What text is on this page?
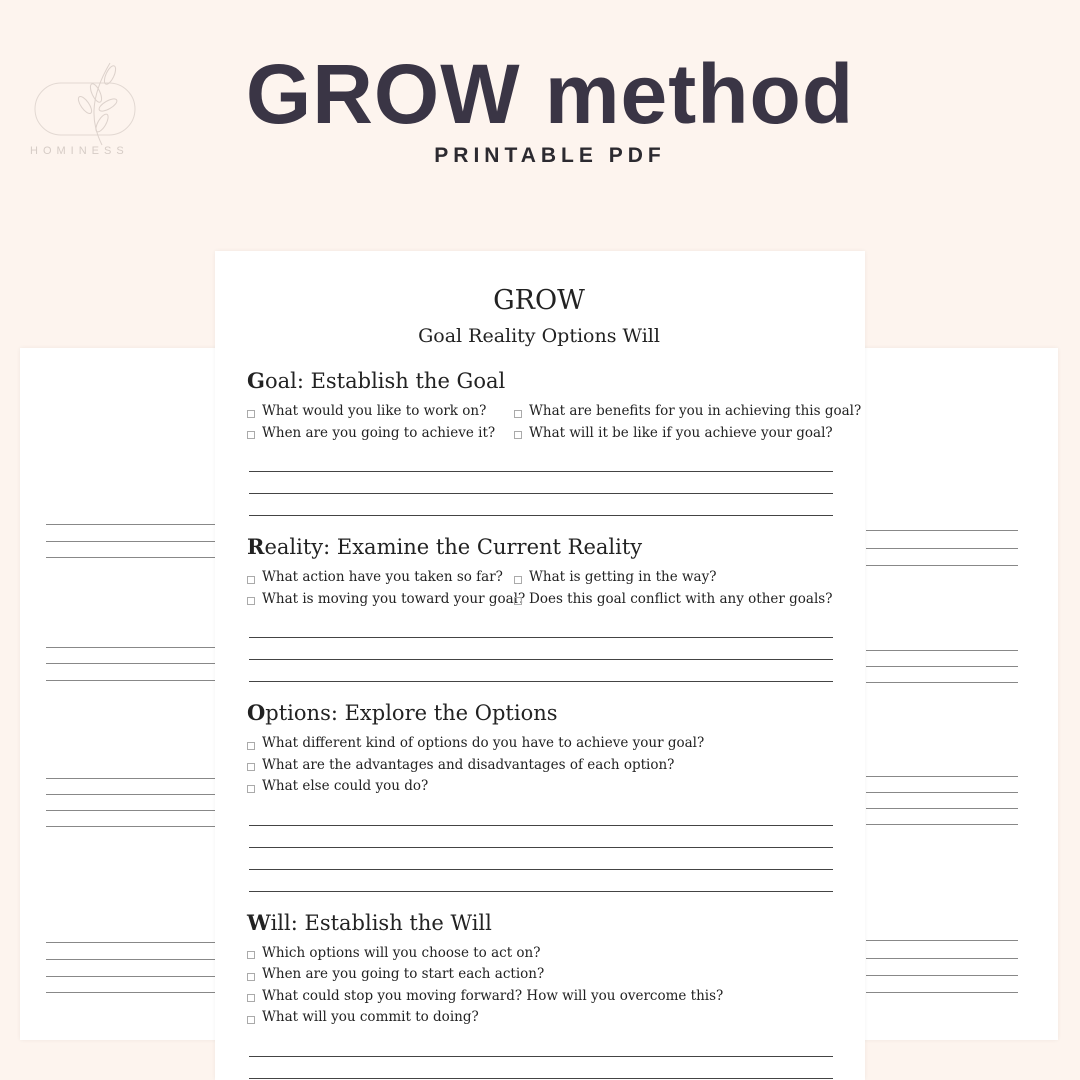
HOMINESS
GROW method
PRINTABLE PDF
GROW
Goal Reality Options Will
Goal: Establish the Goal
What would you like to work on?	What are benefits for you in achieving this goal?
When are you going to achieve it?	What will it be like if you achieve your goal?
Reality: Examine the Current Reality
What action have you taken so far? What is getting in the way?
What is moving you toward your goal? Does this goal conflict with any other goals?
Options: Explore the Options
What different kind of options do you have to achieve your goal?
What are the advantages and disadvantages of each option?
What else could you do?
Will: Establish the Will
Which options will you choose to act on?
When are you going to start each action?
What could stop you moving forward? How will you overcome this?
What will you commit to doing?
